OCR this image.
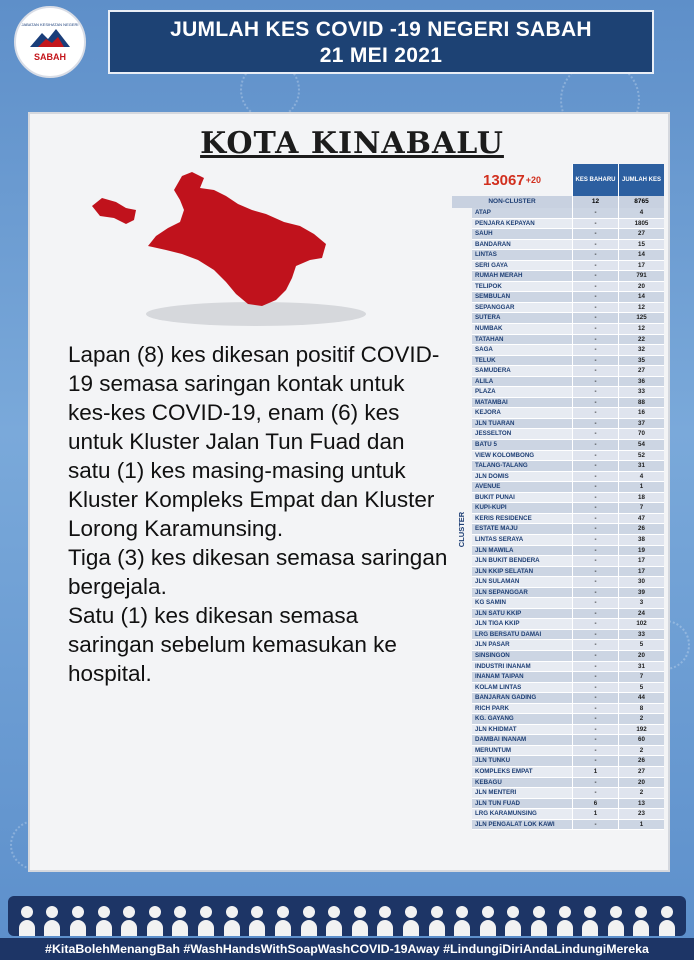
JABATAN KESIHATAN NEGERI
SABAH
JUMLAH KES COVID -19 NEGERI SABAH
21 MEI 2021
KOTA KINABALU

Lapan (8) kes dikesan positif COVID-19 semasa saringan kontak untuk kes-kes COVID-19, enam (6) kes untuk Kluster Jalan Tun Fuad dan satu (1) kes masing-masing untuk Kluster Kompleks Empat dan Kluster Lorong Karamunsing.

Tiga (3) kes dikesan semasa saringan bergejala.

Satu (1) kes dikesan semasa saringan sebelum kemasukan ke hospital.

13067 +20	KES BAHARU	JUMLAH KES
NON-CLUSTER	12	8765
CLUSTER
ATAP	-	4
PENJARA KEPAYAN	-	1805
SAUH	-	27
BANDARAN	-	15
LINTAS	-	14
SERI GAYA	-	17
RUMAH MERAH	-	791
TELIPOK	-	20
SEMBULAN	-	14
SEPANGGAR	-	12
SUTERA	-	125
NUMBAK	-	12
TATAHAN	-	22
SAGA	-	32
TELUK	-	35
SAMUDERA	-	27
ALILA	-	36
PLAZA	-	33
MATAMBAI	-	88
KEJORA	-	16
JLN TUARAN	-	37
JESSELTON	-	70
BATU 5	-	54
VIEW KOLOMBONG	-	52
TALANG-TALANG	-	31
JLN DOMIS	-	4
AVENUE	-	1
BUKIT PUNAI	-	18
KUPI-KUPI	-	7
KERIS RESIDENCE	-	47
ESTATE MAJU	-	26
LINTAS SERAYA	-	38
JLN MAWILA	-	19
JLN BUKIT BENDERA	-	17
JLN KKIP SELATAN	-	17
JLN SULAMAN	-	30
JLN SEPANGGAR	-	39
KG SAMIN	-	3
JLN SATU KKIP	-	24
JLN TIGA KKIP	-	102
LRG BERSATU DAMAI	-	33
JLN PASAR	-	5
SINSINGON	-	20
INDUSTRI INANAM	-	31
INANAM TAIPAN	-	7
KOLAM LINTAS	-	5
BANJARAN GADING	-	44
RICH PARK	-	8
KG. GAYANG	-	2
JLN KHIDMAT	-	192
DAMBAI INANAM	-	60
MERUNTUM	-	2
JLN TUNKU	-	26
KOMPLEKS EMPAT	1	27
KEBAGU	-	20
JLN MENTERI	-	2
JLN TUN FUAD	6	13
LRG KARAMUNSING	1	23
JLN PENGALAT LOK KAWI	-	1
#KitaBolehMenangBah #WashHandsWithSoapWashCOVID-19Away #LindungiDiriAndaLindungiMereka
